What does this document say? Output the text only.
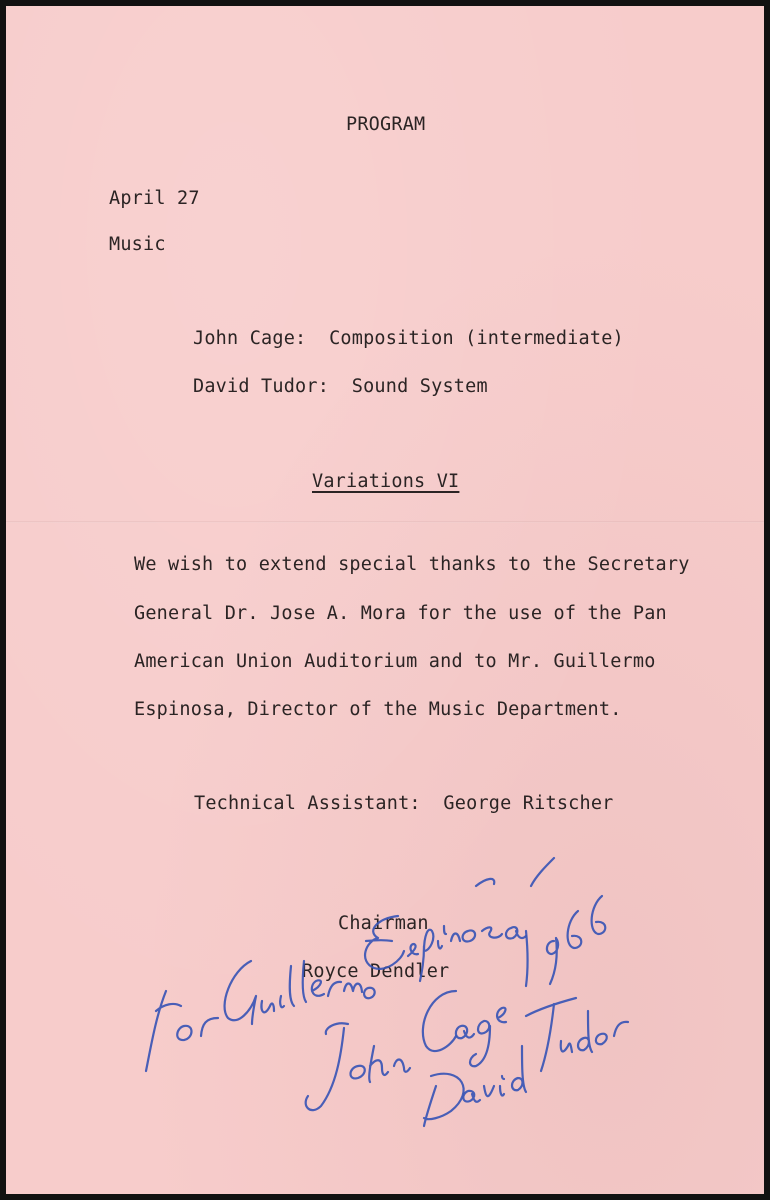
PROGRAM
April 27
Music
John Cage: Composition (intermediate)
David Tudor: Sound System
Variations VI
We wish to extend special thanks to the Secretary
General Dr. Jose A. Mora for the use of the Pan
American Union Auditorium and to Mr. Guillermo
Espinosa, Director of the Music Department.
Technical Assistant:  George Ritscher
Chairman
Royce Dendler
